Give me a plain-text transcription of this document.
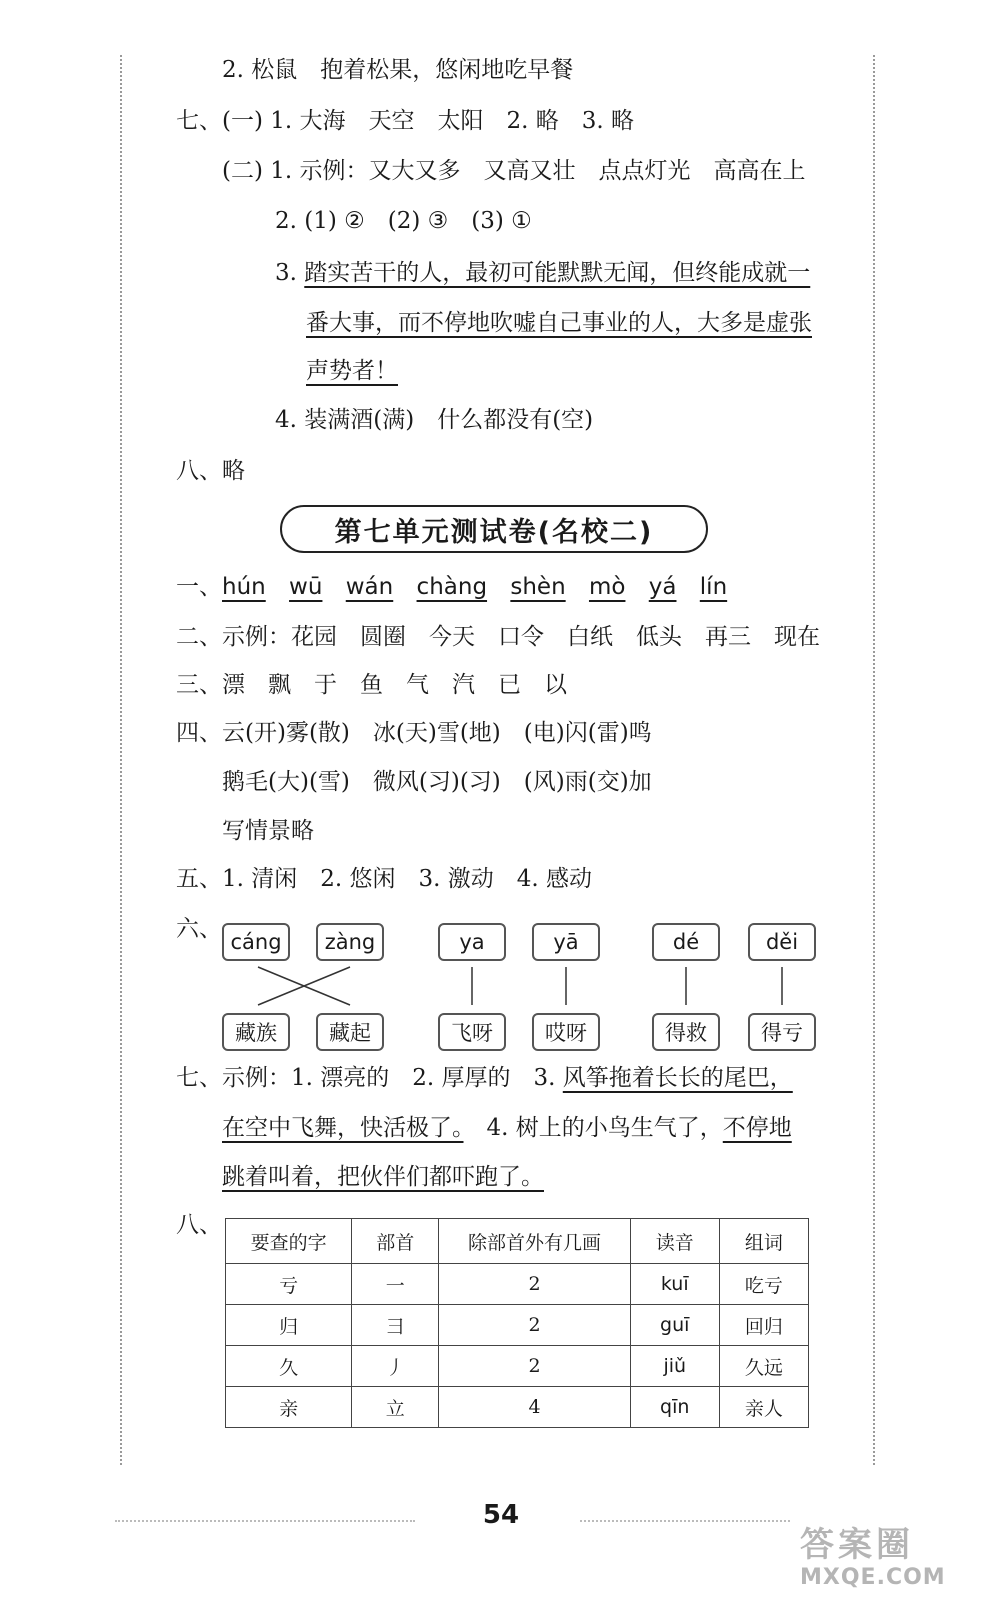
2. 松鼠　抱着松果，悠闲地吃早餐
七、(一) 1. 大海　天空　太阳　2. 略　3. 略
(二) 1. 示例：又大又多　又高又壮　点点灯光　高高在上
2. (1) ②　(2) ③　(3) ①
3. 踏实苦干的人，最初可能默默无闻，但终能成就一
番大事，而不停地吹嘘自己事业的人，大多是虚张
声势者！
4. 装满酒(满)　什么都没有(空)
八、略
第七单元测试卷(名校二)
一、hún wū wán chàng shèn mò yá lín
二、示例：花园　圆圈　今天　口令　白纸　低头　再三　现在
三、漂　飘　于　鱼　气　汽　已　以
四、云(开)雾(散)　冰(天)雪(地)　(电)闪(雷)鸣
鹅毛(大)(雪)　微风(习)(习)　(风)雨(交)加
写情景略
五、1. 清闲　2. 悠闲　3. 激动　4. 感动
六、 cáng	zàng	ya	yā	dé	děi
藏族	藏起	飞呀	哎呀	得救	得亏
七、示例：1. 漂亮的　2. 厚厚的　3. 风筝拖着长长的尾巴，
在空中飞舞，快活极了。　4. 树上的小鸟生气了，不停地
跳着叫着，把伙伴们都吓跑了。
八、
要查的字	部首	除部首外有几画	读音	组词
亏	一	2	kuī	吃亏
归	彐	2	guī	回归
久	丿	2	jiǔ	久远
亲	立	4	qīn	亲人
54
答案圈
MXQE.COM
